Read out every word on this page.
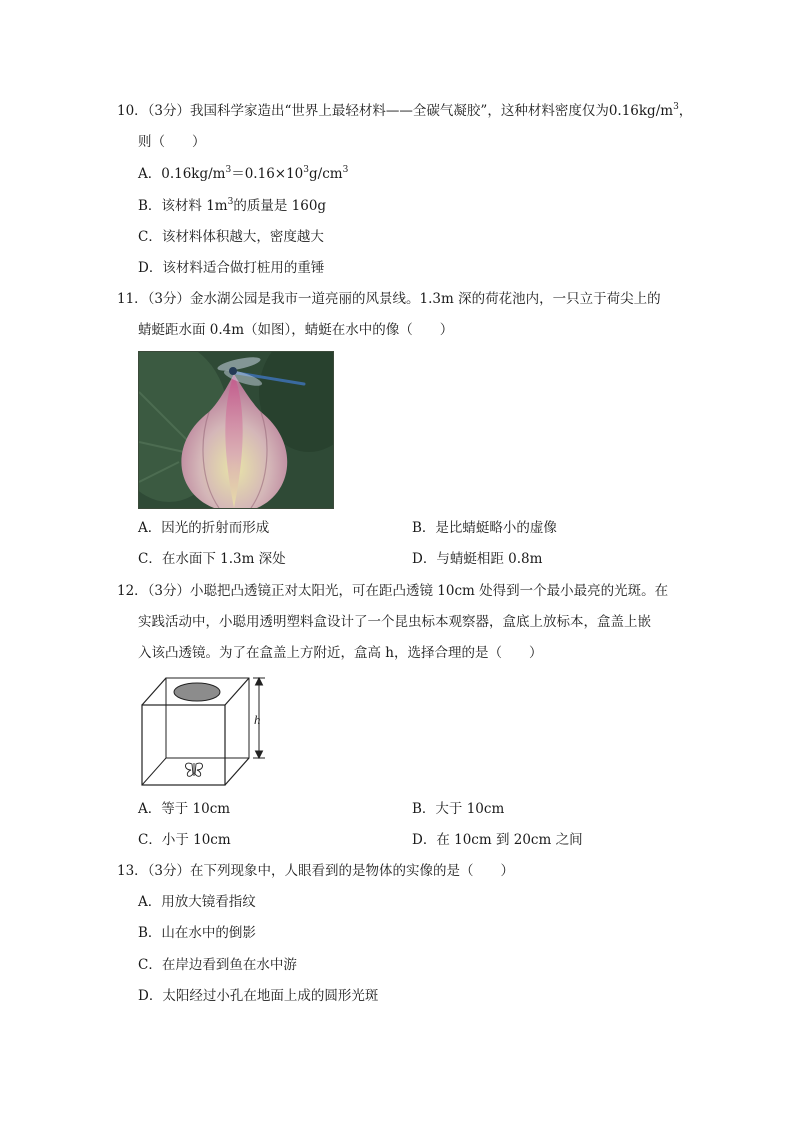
10．（3分）我国科学家造出“世界上最轻材料——全碳气凝胶”，这种材料密度仅为$0.16kg/m^3$，
则（　　）
A．$0.16kg/m^3=0.16\times 10^3g/cm^3$
B．该材料 $1m^3$的质量是 160g
C．该材料体积越大，密度越大
D．该材料适合做打桩用的重锤
11．（3分）金水湖公园是我市一道亮丽的风景线。1.3m 深的荷花池内，一只立于荷尖上的
蜻蜓距水面 0.4m（如图），蜻蜓在水中的像（　　）
A．因光的折射而形成	B．是比蜻蜓略小的虚像
C．在水面下 1.3m 深处	D．与蜻蜓相距 0.8m
12．（3分）小聪把凸透镜正对太阳光，可在距凸透镜 10cm 处得到一个最小最亮的光斑。在
实践活动中，小聪用透明塑料盒设计了一个昆虫标本观察器，盒底上放标本，盒盖上嵌
入该凸透镜。为了在盒盖上方附近，盒高 h，选择合理的是（　　）
h
A．等于 10cm	B．大于 10cm
C．小于 10cm	D．在 10cm 到 20cm 之间
13．（3分）在下列现象中，人眼看到的是物体的实像的是（　　）
A．用放大镜看指纹
B．山在水中的倒影
C．在岸边看到鱼在水中游
D．太阳经过小孔在地面上成的圆形光斑
